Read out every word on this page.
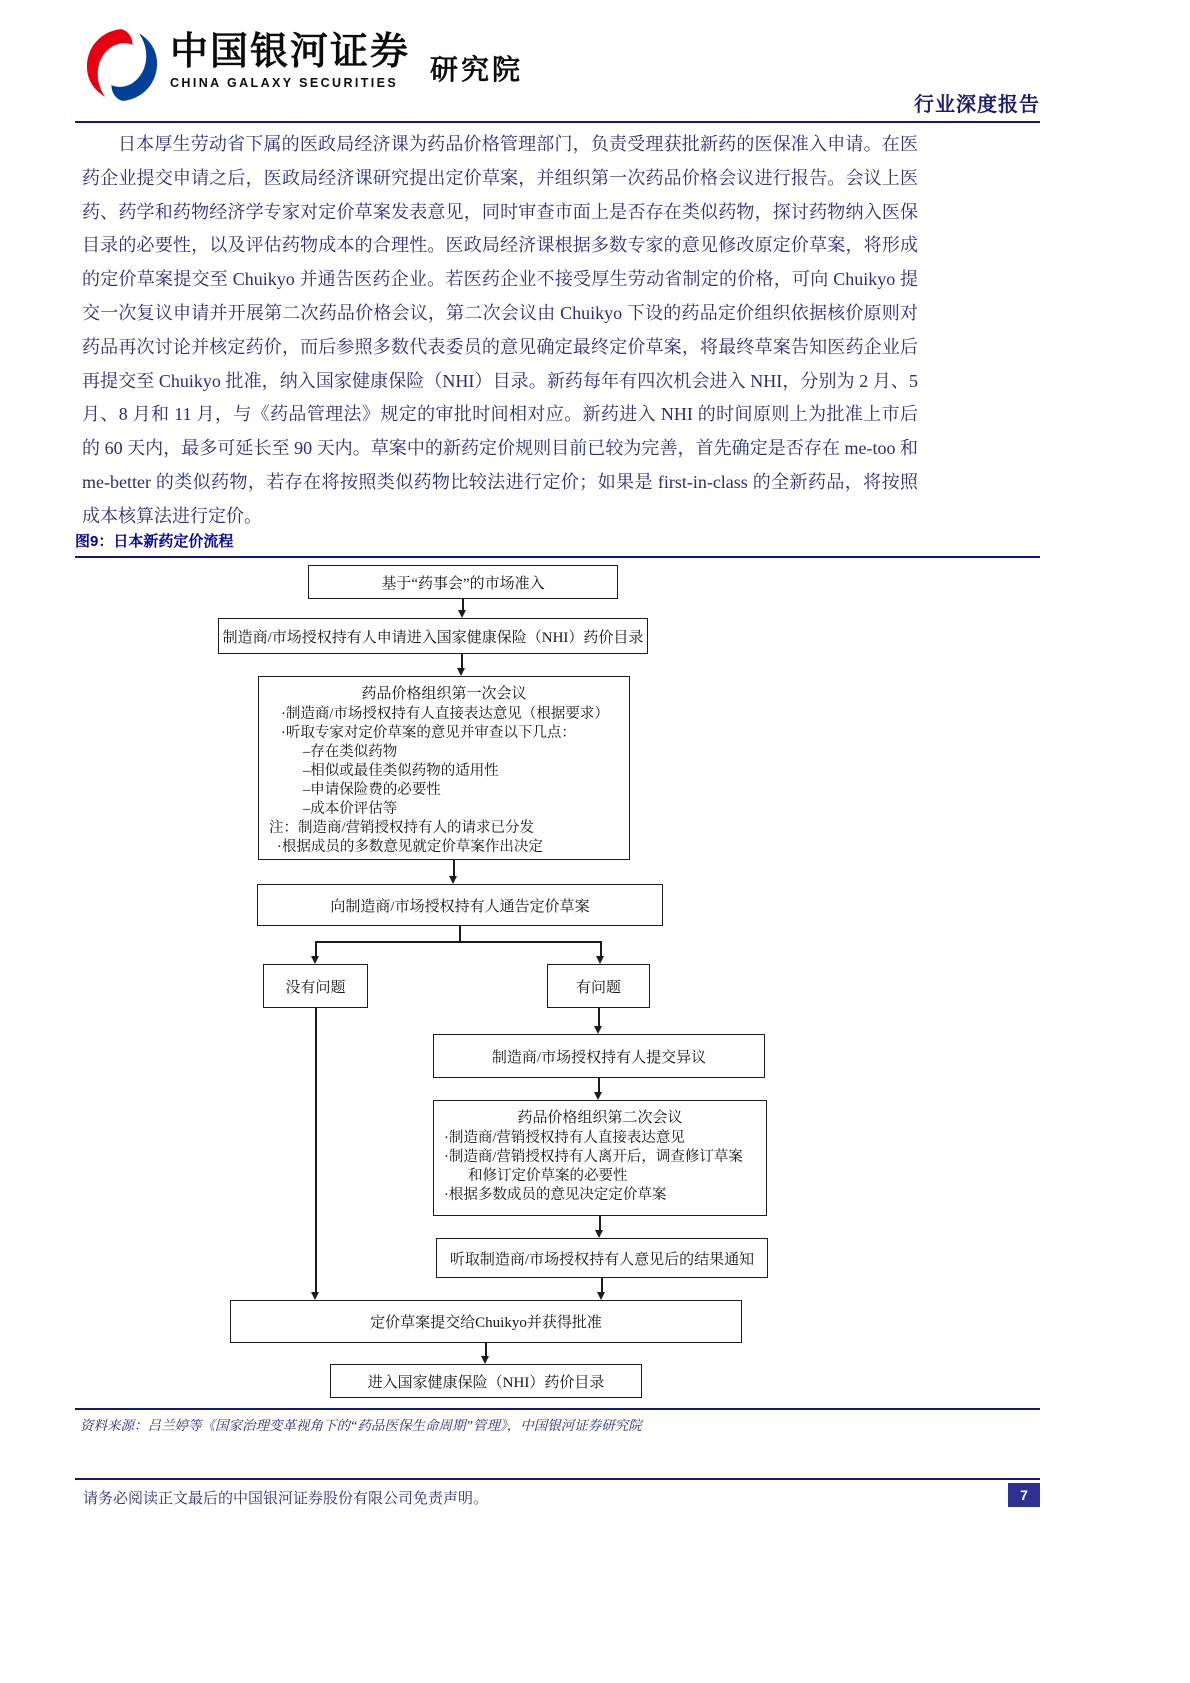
中国银河证券
CHINA GALAXY SECURITIES	研究院
行业深度报告

日本厚生劳动省下属的医政局经济课为药品价格管理部门，负责受理获批新药的医保准入申请。在医药企业提交申请之后，医政局经济课研究提出定价草案，并组织第一次药品价格会议进行报告。会议上医药、药学和药物经济学专家对定价草案发表意见，同时审查市面上是否存在类似药物，探讨药物纳入医保目录的必要性，以及评估药物成本的合理性。医政局经济课根据多数专家的意见修改原定价草案，将形成的定价草案提交至 Chuikyo 并通告医药企业。若医药企业不接受厚生劳动省制定的价格，可向 Chuikyo 提交一次复议申请并开展第二次药品价格会议，第二次会议由 Chuikyo 下设的药品定价组织依据核价原则对药品再次讨论并核定药价，而后参照多数代表委员的意见确定最终定价草案，将最终草案告知医药企业后再提交至 Chuikyo 批准，纳入国家健康保险（NHI）目录。新药每年有四次机会进入 NHI，分别为 2 月、5 月、8 月和 11 月，与《药品管理法》规定的审批时间相对应。新药进入 NHI 的时间原则上为批准上市后的 60 天内，最多可延长至 90 天内。草案中的新药定价规则目前已较为完善，首先确定是否存在 me-too 和 me-better 的类似药物，若存在将按照类似药物比较法进行定价；如果是 first-in-class 的全新药品，将按照成本核算法进行定价。

图9：日本新药定价流程
基于“药事会”的市场准入
制造商/市场授权持有人申请进入国家健康保险（NHI）药价目录
药品价格组织第一次会议
·制造商/市场授权持有人直接表达意见（根据要求）
·听取专家对定价草案的意见并审查以下几点：
–存在类似药物
–相似或最佳类似药物的适用性
–申请保险费的必要性
–成本价评估等
注：制造商/营销授权持有人的请求已分发
·根据成员的多数意见就定价草案作出决定
向制造商/市场授权持有人通告定价草案
没有问题	有问题
制造商/市场授权持有人提交异议
药品价格组织第二次会议
·制造商/营销授权持有人直接表达意见
·制造商/营销授权持有人离开后，调查修订草案
和修订定价草案的必要性
·根据多数成员的意见决定定价草案
听取制造商/市场授权持有人意见后的结果通知
定价草案提交给Chuikyo并获得批准
进入国家健康保险（NHI）药价目录
资料来源：吕兰婷等《国家治理变革视角下的“药品医保生命周期”管理》，中国银河证券研究院
请务必阅读正文最后的中国银河证券股份有限公司免责声明。	7
